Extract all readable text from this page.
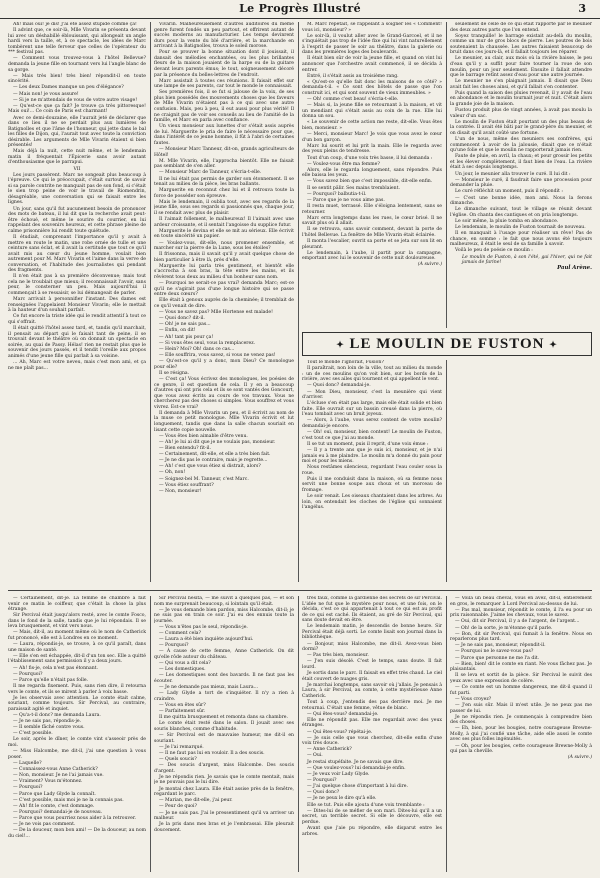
Le Progrès Illustré	3

Ah! mais oui! je dis! J'ai été assez stupide comme ça!

Il advint que, ce soir-là, Mlle Vivarin se présenta devant lui avec un déshabillé éblouissant, qui allongeait un angle hardi vers la taille, et, à ce spectacle, les idées de Marc tombèrent une telle ferveur que celles de l'opérateur du *** festival pas.

— Comment vous trouvez-vous à l'hôtel Bellevue? demanda la jeune fille en tournant vers lui l'angle blanc de sa gorge.

— Mais très bien! très bien! répondit-il en toute sincérité.

— Les deux Dames manque un peu d'élégance?

— Mais non! je vous assure!

— Si je ne m'attendais de vous de votre autre visage!

— Qu'est-ce que ça fait? Je trouve ça très pittoresque! Mais oui!... Ce coin de Paris est charmant!

Avec ce demi-douzaine, elle l'aurait jeté de déclarer que dans ce lieu il ne se perdait plus aux lumières de Batignolles et que l'âme de l'honneur, qui jette dans le bal les filles de Dijon, qui, l'aurait tout avec toute la conviction désirable. Les arguments de Mlle Vivarin étaient si bien présentés!

Mais déjà la nuit, cette nuit même, et le lendemain matin il fréquentait l'Épicerie sans avoir autant d'enthousiasme que le parrapui.

VII

Les jours passèrent. Marc ne songeait plus beaucoup à l'épreuve. Ce qui le préoccupait, c'était surtout de savoir si sa parole contrite ne manquait pas de son fond, si c'était le sien trop peine de voir le travail de Riomendrin, désagréable, une conversation qui se faisait entre les lignes.

Un jour, sans qu'il fut aucunement besoin de prononcer des mots de bateau, il lui dit que la recherche avait peut-être échoué, et même le sourire du courrier, en lui rappelant des souvenirs heureux, et cette phrase pleine de calme prisonnière lui rendit toute quiétude.

Il étudiait, comprenant l'importance qu'il y avait à mettre en route le matin, une robe ornée de tulle et une ceinture sans éclat, et il avait la certitude que tout ce qu'il avait mis au cœur du jeune homme, voulait bien autrement pour M. Marc Vivarin et l'aime dans la verve de conversation, et l'habitude des journalistes qui pendant des fragments.

Il n'en était pas à sa première déconvenue; mais tout cela ne le troublait que mieux; il reconnaissait l'avoir, sans peur, le consterner un peu. Mais aujourd'hui il commençait à se ressaisir, se lui démangeait de parler.

Marc arrivait à personnifier l'instant. Des dames est renseignées l'appelaient Monsieur Vivarin; elle le mettait à la hauteur d'un souhait parfait.

Ce fut encore la triste idée qui le rendit attentif à tout ce qui s'offrait.

Il était quitté l'hôtel assez tard, et, tandis qu'il marchait, il pensait au départ qui le faisait tant de peine, il se trouvait devant le théâtre où on donnait un spectacle en soirée, au quai de Passy. Hélas! rien ne restait plus que le souvenir des jours passés, et il tendit l'oreille aux propos animés d'une jeune fille qui parlait à sa voisine.

... Ah, Marc est votre neveu, mais c'est mon ami, et ça ne me plaît pas...

Vivarin. Malheureusement d'autres auditoires du même genre furent fondés un peu partout, et offrirent autant de succès moderns au manufacturier. Les temps devinrent durs pour la vente du blé d'arrière, et la marchande en arrivant à la Batignolles, trouva le soleil morose.

Pour se prouver la bonne situation dont il jouissait, il dansait des mélodies enchantées, ou les plus brillantes fleurs de la maison jouaient de la harpe ou de la guitare devant leurs parents émus; le tout, soigneusement décoré par la présence du belles-lettres de l'endroit.

Marc assistait à toutes ces réunions. Il faisait effet sur une lampe de ses parents, car tout le monde le connaissait.

Ses premières fois, il se fut si jalouse de la voix, de ses plus bien possédés des mouvements choses que les faveurs de Mlle Vivarin n'étaient pas à ce qui avec une autre confusion. Mais, peu à peu, il eut aussi pour plus vérité! Il ne craignit pas de voir ses conseils au lieu de l'amitié de la famille, et Marc en parla avec confiance.

Un vieux monsieur aux lunettes d'or s'était assis auprès de lui. Marguerite le pria de faire le nécessaire pour que, dans l'intérêt de ce jeune homme, il fût à l'abri de certaines fautes.

— Monsieur Marc Tanneur, dit-on, grands agriculteurs de Hôtel!

M. Mlle Vivarin, elle, l'approcha bientôt. Elle ne faisait pas semblant de s'en aller.

— Monsieur Marc de Tanneur, s'écria-t-elle.

Il ne lui était pas permis de garder son étonnement. Il se tenait au milieu de la pièce, les bras ballants.

Marguerite en reconnut chez lui et il retrouva toute la force de posséder son épreuve.

Mais le lendemain, il oublia tout, avec ses regards de la jeune fille, sous ses regards si passionnés que, chaque jour, il se rendait avec plus de plaisir.

Il l'aimait follement, le malheureux! Il l'aimait avec une ardeur croissante, et il sentait l'angoisse du supplice futur.

Marguerite le devina et elle se mit au sérieux. Elle écrivit en toute sincérité un papier.

— Voulez-vous, dit-elle, nous promener ensemble, et marcher sur la pierre de la Lune, sous les étoiles?

Il frissonna, mais il savait qu'il y avait quelque chose de bien particulier à être là, près d'elle.

Marguerite lui parla très gentiment, et bientôt elle s'accrocha à son bras, la tête entre les mains, et ils rêvèrent tous deux au milieu d'un bonheur sans nom.

— Pourquoi ne serait-ce pas vrai? demanda Marc; est-ce qu'il ne s'agirait pas d'une longue histoire qui se passe entre deux cœurs?

Elle était à genoux auprès de la cheminée; il tremblait de ce qu'il venait de dire.

— Vous ne savez pas? Mlle Hortense est malade!

— Quoi donc? dit-il.

— Oh! je ne sais pas...

— Enfin, on dit!

— Ah! tant pis pour ça!

— Si vous êtes seul, vous la remplacerez.

— Hein? Moi? Oh! dans ce cas...

— Elle souffrira, vous savez, si vous ne venez pas!

— Qu'est-ce qu'il y a donc, mon Dieu? Ce monologue pour elle?

Il se résigna.

— C'est ça! Vous écrivez des monologues, les poésies de ce genre, il est question de cela. Il y en a beaucoup d'autres qui ont pris cela et ils se sont vantés des Goncourt, que vous avez écrits au cours de vos travaux. Vous ne chercherez pas des choses si simples. Vous souffrez et vous vivrez. Est-ce vrai?

Il demanda à Mlle Vivarin un peu, et il écrivit au nom de la muse ce petit monologue. Mlle Vivarin écrivit et lut longuement, tandis que dans la salle chacun souriait en lisant cette copie nouvelle.

— Vous êtes bien aimable d'être venu.

— Ah! je lui ai dit que je ne voulais pas, monsieur.

— Bien entendu? fit-il.

— Certainement, dit-elle, et elle a très bien fait.

— Je ne dis pas le contraire, mais je regrette...

— Ah! c'est que vous étiez si distrait, alors?

— Oh, non!

— Soignez-bel M. Tanneur, c'est Marc.

— Vous étiez souffrant?

— Non, monsieur!

M. Marc répétait, se rappelant à soigner les « Comment! vous ici, monsieur? »

Le soir-là, il voulut aller avec le Grand-Garcoel, et il ne s'inquiétait pas trop de l'idée fixe qui lui vint naturellement à l'esprit de passer le soir au théâtre, dans la galerie ou dans les premières loges des boulevards.

Il était bien sûr de voir la jeune fille, et quand on vint lui annoncer que l'orchestre avait commencé, il se décida à entrer.

Entré, il s'était assis au troisième rang.

« Qu'est-ce qu'elle fait donc les maisons de ce côté? » demanda-t-il. « Ce sont des hôtels de passe que l'on construit ici, et qui sont souvent de vieux immeubles. »

— Oh! comme c'est beau! s'écria-t-elle.

— Mais si, la jeune fille se retournant à la maison, et vit un mendiant qui s'était assis au coin de la rue. Elle lui donna un sou.

« Le souvenir de cette action me reste, dit-elle. Vous êtes bien, monsieur. »

— Merci, monsieur Marc! Je vois que vous avez le cœur d'un bon garçon.

Marc lui sourit et lui prit la main. Elle le regarda avec des yeux pleins de tendresse.

Tout d'un coup, d'une voix très basse, il lui demanda :

— Voulez-vous être ma femme?

Alors, elle le regarda longuement, sans répondre. Puis elle baissa les yeux.

— Vous savez bien que c'est impossible, dit-elle enfin.

Il se sentit pâlir. Ses mains tremblaient.

— Pourquoi? balbutia-t-il.

— Parce que je ne vous aime pas.

Il resta muet, terrassé. Elle s'éloigna lentement, sans se retourner.

Marc erra longtemps dans les rues, le cœur brisé. Il ne savait plus où il allait.

Il se retrouva, sans savoir comment, devant la porte de l'hôtel Bellevue. La fenêtre de Mlle Vivarin était éclairée.

Il monta l'escalier, ouvrit sa porte et se jeta sur son lit en pleurant.

Le lendemain, à l'aube, il partit pour la campagne, emportant avec lui le souvenir de cette nuit douloureuse.

(A suivre.)

seulement de celle de ce qui était rapporté par le meunier des deux autres parts que l'on entend.

Soyez tranquille! le barrage existait au-delà du moulin, comme un mur de gros blocs de pierre. Les poutres de bois soutenaient la chaussée. Les autres faisaient beaucoup de bruit dans ces jours-là, et il fallait toujours les réparer.

Le meunier, au clair, aux mois où la rivière baisse, le peu d'eau qu'il y a suffit pour faire tourner la roue de son moulin, pour un jour seulement. Ensuite il fallait attendre que le barrage retînt assez d'eau pour une autre journée.

Le meunier ne s'en plaignait jamais. Il disait que Dieu avait fait les choses ainsi, et qu'il fallait s'en contenter.

Puis quand la saison des pluies revenait, il y avait de l'eau en abondance et le moulin tournait jour et nuit. C'était alors la grande joie de la maison.

Fustou produit plus de vingt années, à avait pas moulu la valeur d'un sac.

Le moulin de Fuston était pourtant un des plus beaux de la contrée. Il avait été bâti par le grand-père du meunier, et on disait qu'il avait coûté une fortune.

L'un de nous, même des meuniers ses confrères, qui commencent à avoir de la jalousie, disait que ce n'était qu'une folie et que le moulin ne rapporterait jamais rien.

Faute de pluie, en avril, la chaux; et pour grossir les petits et les élever complètement, il faut bien de l'eau. La rivière était à sec depuis longtemps.

Un jour, le meunier alla trouver le curé. Il lui dit :

— Monsieur le curé, il faudrait faire une procession pour demander la pluie.

Le curé réfléchit un moment, puis il répondit :

— C'est une bonne idée, mon ami. Nous la ferons dimanche.

Le dimanche suivant, tout le village se réunit devant l'église. On chanta des cantiques et on pria longtemps.

Le soir même, la pluie tomba en abondance.

Le lendemain, le moulin de Fuston tournait de nouveau.

Il en manquait à l'usage pour réaliser un rêve! Pas de chance, en somme : le fait que nous avons été toujours malheureux, il était le seul de sa famille à savoir.

Voilà le peu de poésie ce moulin :

Le moulin de Fuston, à son l'été, gai l'hiver, qui ne fait jamais de farine!

Paul Arène.

✦ LE MOULIN DE FUSTON ✦

Tout le monde l'ignorait, Fusion?

Il paraîtrait, non loin de la ville, tout au milieu du monde : un de ces moulins qu'on voit bien, sur les bords de la rivière, avec ses ailes qui tournent et qui appellent le vent.

— Quoi donc? demandai-je.

— Mon Dieu, monsieur, c'est la meunière qui vient d'arriver.

L'écluse s'en était pas large, mais elle était solide et bien faite. Elle ouvrait sur un bassin creusé dans la pierre, où l'eau tombait avec un bruit joyeux.

— Alors, à l'aube, vous serez content de votre moulin? demandai-je encore.

— Oh! oui, monsieur, bien content! Le moulin de Fuston, c'est tout ce que j'ai au monde.

Il se tut un moment, puis il reprit, d'une voix émue :

— Il y a trente ans que je suis ici, monsieur, et je n'ai jamais eu à me plaindre. Le moulin m'a donné du pain pour moi et pour les miens.

Nous restâmes silencieux, regardant l'eau couler sous la roue.

Puis il me conduisit dans la maison, où sa femme nous servit une bonne soupe aux choux et un morceau de fromage.

Le soir venait. Les oiseaux chantaient dans les arbres. Au loin, on entendait les cloches de l'église qui sonnaient l'angélus.

— Certainement, dit-je. La femme de chambre a fait venir ce matin le coiffeur, que c'était la chose la plus étrange.

Sir Percival était jusqu'alors resté, avec le comte Fosco, dans le fond de la salle, tandis que je lui répondais. Il se leva brusquement, et vint vers nous.

— Mais, dit-il, au moment même où le nom de Catherick fut prononcé, elle est à Londres en ce moment.

— Laura, répondis-je, se trouve, à ce qu'il paraît, dans une maison de santé.

— Elle s'en est échappée, dit-il d'un ton sec. Elle a quitté l'établissement sans permission il y a deux jours.

— Ah! fis-je, cela n'est pas étonnant.

— Pourquoi?

— Parce qu'elle n'était pas folle.

Il me regarda fixement. Puis, sans rien dire, il retourna vers le comte, et ils se mirent à parler à voix basse.

Je les observais avec attention. Le comte était calme, souriant, comme toujours. Sir Percival, au contraire, paraissait agité et inquiet.

— Qu'a-t-il donc? me demanda Laura.

— Je ne sais pas, répondis-je.

— Il semble fâché contre vous.

— C'est possible.

Le soir, après le dîner, le comte vint s'asseoir près de moi.

— Miss Halcombe, me dit-il, j'ai une question à vous poser.

— Laquelle?

— Connaissez-vous Anne Catherick?

— Non, monsieur. Je ne l'ai jamais vue.

— Vraiment? Vous m'étonnez.

— Pourquoi?

— Parce que Lady Glyde la connaît.

— C'est possible, mais moi je ne la connais pas.

— Ah! fit le comte, c'est dommage.

— Pourquoi? demandai-je de nouveau.

— Parce que vous pourriez nous aider à la retrouver.

— Je ne vois pas comment.

— De la douceur, mon bon ami! — De la douceur, au nom du ciel!...

Sir Percival hésita, — me suivit à quelques pas, — et son nom me surprenait beaucoup, si lointain qu'il était.

— Je vous demande bien pardon, miss Halcombe, dit-il; je ne suis pas en train ce soir. J'ai eu des ennuis toute la journée.

— Vous n'êtes pas le seul, répondis-je.

— Comment cela?

— Laura a été bien inquiète aujourd'hui.

— Pourquoi?

— À cause de cette femme, Anne Catherick. On dit qu'elle rôde autour du château.

— Qui vous a dit cela?

— Les domestiques.

— Les domestiques sont des bavards. Il ne faut pas les écouter.

— Je ne demande pas mieux, mais Laura...

— Lady Glyde a tort de s'inquiéter. Il n'y a rien à craindre.

— Vous en êtes sûr?

— Parfaitement sûr.

Il me quitta brusquement et remonta dans sa chambre.

Le comte était resté dans le salon. Il jouait avec ses souris blanches, comme d'habitude.

— Sir Percival est de mauvaise humeur, me dit-il en souriant.

— Je l'ai remarqué.

— Il ne faut pas lui en vouloir. Il a des soucis.

— Quels soucis?

— Des soucis d'argent, miss Halcombe. Des soucis d'argent.

Je ne répondis rien. Je savais que le comte mentait, mais je ne pouvais pas le lui dire.

Je montai chez Laura. Elle était assise près de la fenêtre, regardant le parc.

— Marian, me dit-elle, j'ai peur.

— Peur de quoi?

— Je ne sais pas. J'ai le pressentiment qu'il va arriver un malheur.

Je la pris dans mes bras et je l'embrassai. Elle pleurait doucement.

trés faux, comme la gardienne des secrets de sir Percival. L'idée ne fut que le mystère pour nous, et une fois, on le décida, c'est ce qui appartenait à tout ce qui est au profit de ce qui est caché. Ils étaient, au gré de Sir Percival, qui sans doute devait en être.

Le lendemain matin, je descendis de bonne heure. Sir Percival était déjà sorti. Le comte lisait son journal dans la bibliothèque.

— Bonjour, miss Halcombe, me dit-il. Avez-vous bien dormi?

— Pas très bien, monsieur.

— J'en suis désolé. C'est le temps, sans doute. Il fait lourd.

Je sortis dans le parc. Il faisait en effet très chaud. Le ciel était couvert de nuages gris.

Je marchai longtemps, sans savoir où j'allais. Je pensais à Laura, à sir Percival, au comte, à cette mystérieuse Anne Catherick.

Tout à coup, j'entendis des pas derrière moi. Je me retournai. C'était une femme, vêtue de blanc.

— Qui êtes-vous? demandai-je.

Elle ne répondit pas. Elle me regardait avec des yeux étranges.

— Qui êtes-vous? répétai-je.

— Je suis celle que vous cherchez, dit-elle enfin d'une voix très douce.

— Anne Catherick?

— Oui.

Je restai stupéfaite. Je ne savais que dire.

— Que voulez-vous? lui demandai-je enfin.

— Je veux voir Lady Glyde.

— Pourquoi?

— J'ai quelque chose d'important à lui dire.

— Quoi donc?

— Je ne peux le dire qu'à elle.

Elle se tut. Puis elle ajouta d'une voix tremblante :

— Dites-lui de se méfier de son mari. Dites-lui qu'il a un secret, un terrible secret. Si elle le découvre, elle est perdue.

Avant que j'aie pu répondre, elle disparut entre les arbres.

— Voilà un beau cheval, vous en avez, dit-il, entièrement en gros, le remarquer à Lord Percival au-dessus de lui.

— Pas mal, monsieur, répondit le comte, il l'a eu pour un prix raisonnable. J'aime les chevaux, vous le savez.

— Oui, dit sir Percival, il y a de l'argent, de l'argent...

— Oh! de la sorte, je m'étonne qu'il parle.

— Bon, dit sir Percival, qui fumait à la fenêtre. Nous en reparlerons plus tard.

— Je ne sais pas, monsieur, répondit-il.

— Pourquoi ne le savez-vous pas?

— Parce que personne ne me l'a dit.

— Bien, bien! dit le comte en riant. Ne vous fâchez pas. Je plaisantais.

Il se leva et sortit de la pièce. Sir Percival le suivit des yeux avec une expression de colère.

— Ce comte est un homme dangereux, me dit-il quand il fut parti.

— Vous croyez?

— J'en suis sûr. Mais il m'est utile. Je ne peux pas me passer de lui.

Je ne répondis rien. Je commençais à comprendre bien des choses.

— Eh, bien, pour les bougies, notre courageuse Brewne-Molly, à qui j'ai confié une tâche, aide elle aussi le comte avec ses plus folles ingénuités.

— Oh, pour les bougies, cette courageuse Brewne-Molly à qui pas la cheville.

(A suivre.)
